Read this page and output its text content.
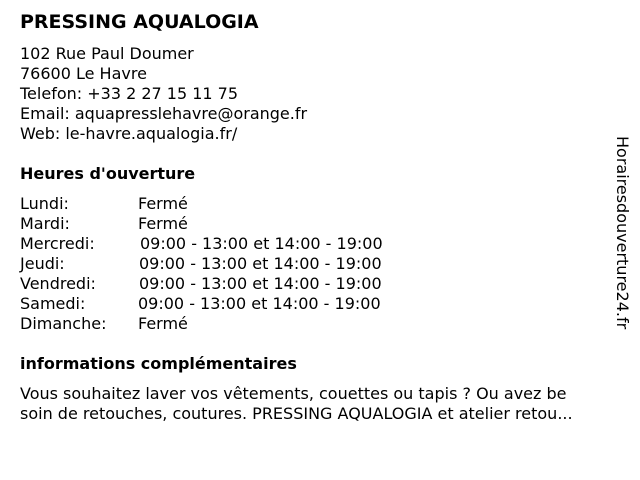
PRESSING AQUALOGIA
102 Rue Paul Doumer
76600 Le Havre
Telefon: +33 2 27 15 11 75
Email: aquapresslehavre@orange.fr
Web: le-havre.aqualogia.fr/
Heures d'ouverture
Lundi:	Fermé
Mardi:	Fermé
Mercredi:	09:00 - 13:00 et 14:00 - 19:00
Jeudi:	09:00 - 13:00 et 14:00 - 19:00
Vendredi:	09:00 - 13:00 et 14:00 - 19:00
Samedi:	09:00 - 13:00 et 14:00 - 19:00
Dimanche: Fermé
informations complémentaires
Vous souhaitez laver vos vêtements, couettes ou tapis ? Ou avez be
soin de retouches, coutures. PRESSING AQUALOGIA et atelier retou...
Horairesdouverture24.fr
